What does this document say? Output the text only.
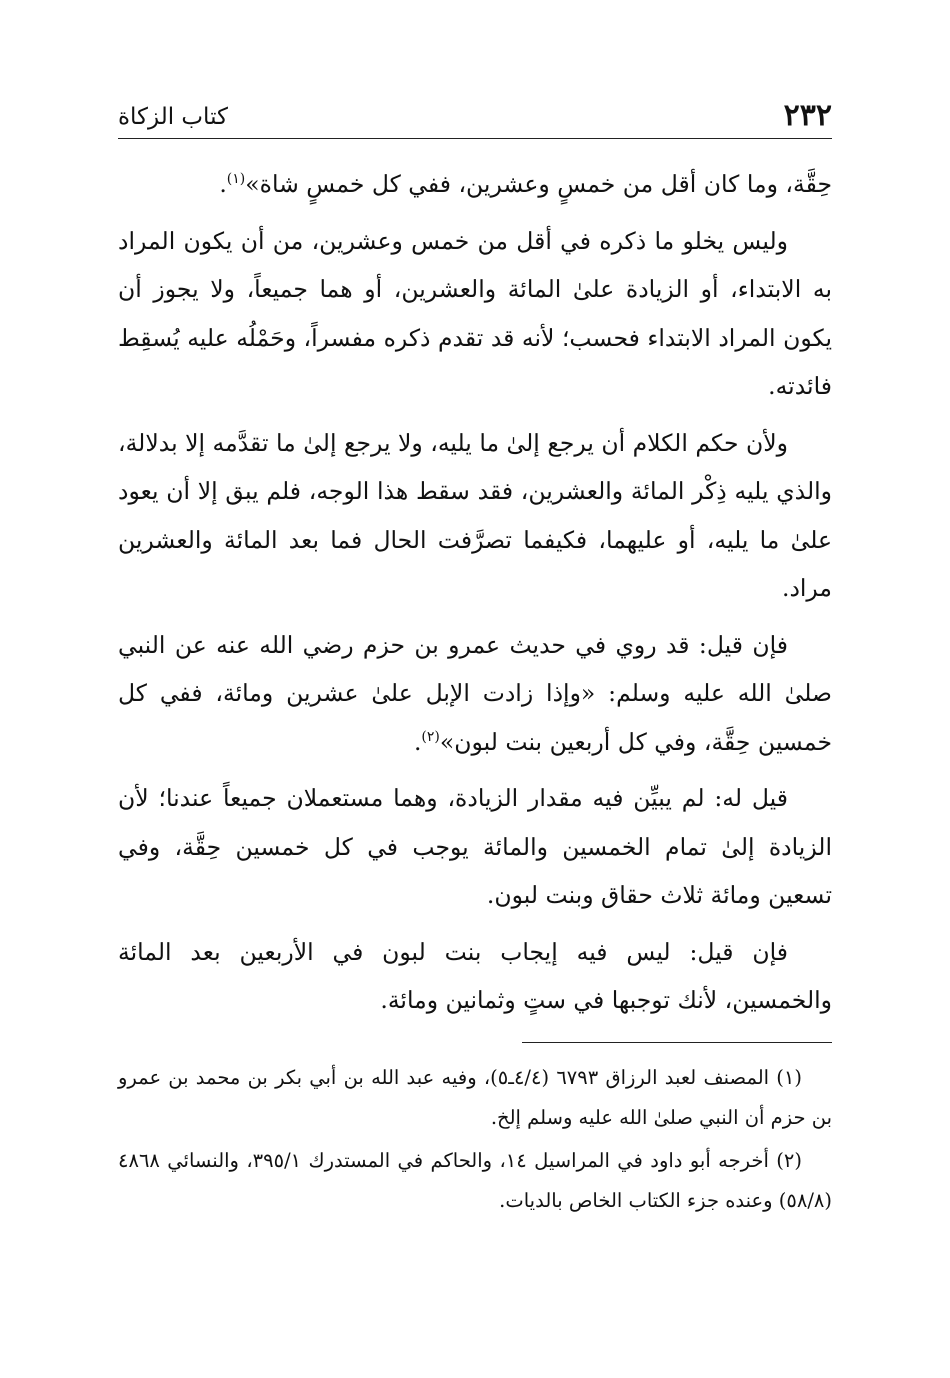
٢٣٢
كتاب الزكاة

حِقَّة، وما كان أقل من خمسٍ وعشرين، ففي كل خمسٍ شاة»$^{(١)}$.

وليس يخلو ما ذكره في أقل من خمس وعشرين، من أن يكون المراد به الابتداء، أو الزيادة علىٰ المائة والعشرين، أو هما جميعاً، ولا يجوز أن يكون المراد الابتداء فحسب؛ لأنه قد تقدم ذكره مفسراً، وحَمْلُه عليه يُسقِط فائدته.

ولأن حكم الكلام أن يرجع إلىٰ ما يليه، ولا يرجع إلىٰ ما تقدَّمه إلا بدلالة، والذي يليه ذِكْر المائة والعشرين، فقد سقط هذا الوجه، فلم يبق إلا أن يعود علىٰ ما يليه، أو عليهما، فكيفما تصرَّفت الحال فما بعد المائة والعشرين مراد.

فإن قيل: قد روي في حديث عمرو بن حزم رضي الله عنه عن النبي صلىٰ الله عليه وسلم: «وإذا زادت الإبل علىٰ عشرين ومائة، ففي كل خمسين حِقَّة، وفي كل أربعين بنت لبون»$^{(٢)}$.

قيل له: لم يبيِّن فيه مقدار الزيادة، وهما مستعملان جميعاً عندنا؛ لأن الزيادة إلىٰ تمام الخمسين والمائة يوجب في كل خمسين حِقَّة، وفي تسعين ومائة ثلاث حقاق وبنت لبون.

فإن قيل: ليس فيه إيجاب بنت لبون في الأربعين بعد المائة والخمسين، لأنك توجبها في ستٍ وثمانين ومائة.

(١) المصنف لعبد الرزاق ٦٧٩٣ (٤/٤ـ٥)، وفيه عبد الله بن أبي بكر بن محمد بن عمرو بن حزم أن النبي صلىٰ الله عليه وسلم إلخ.

(٢) أخرجه أبو داود في المراسيل ١٤، والحاكم في المستدرك ٣٩٥/١، والنسائي ٤٨٦٨ (٥٨/٨) وعنده جزء الكتاب الخاص بالديات.
